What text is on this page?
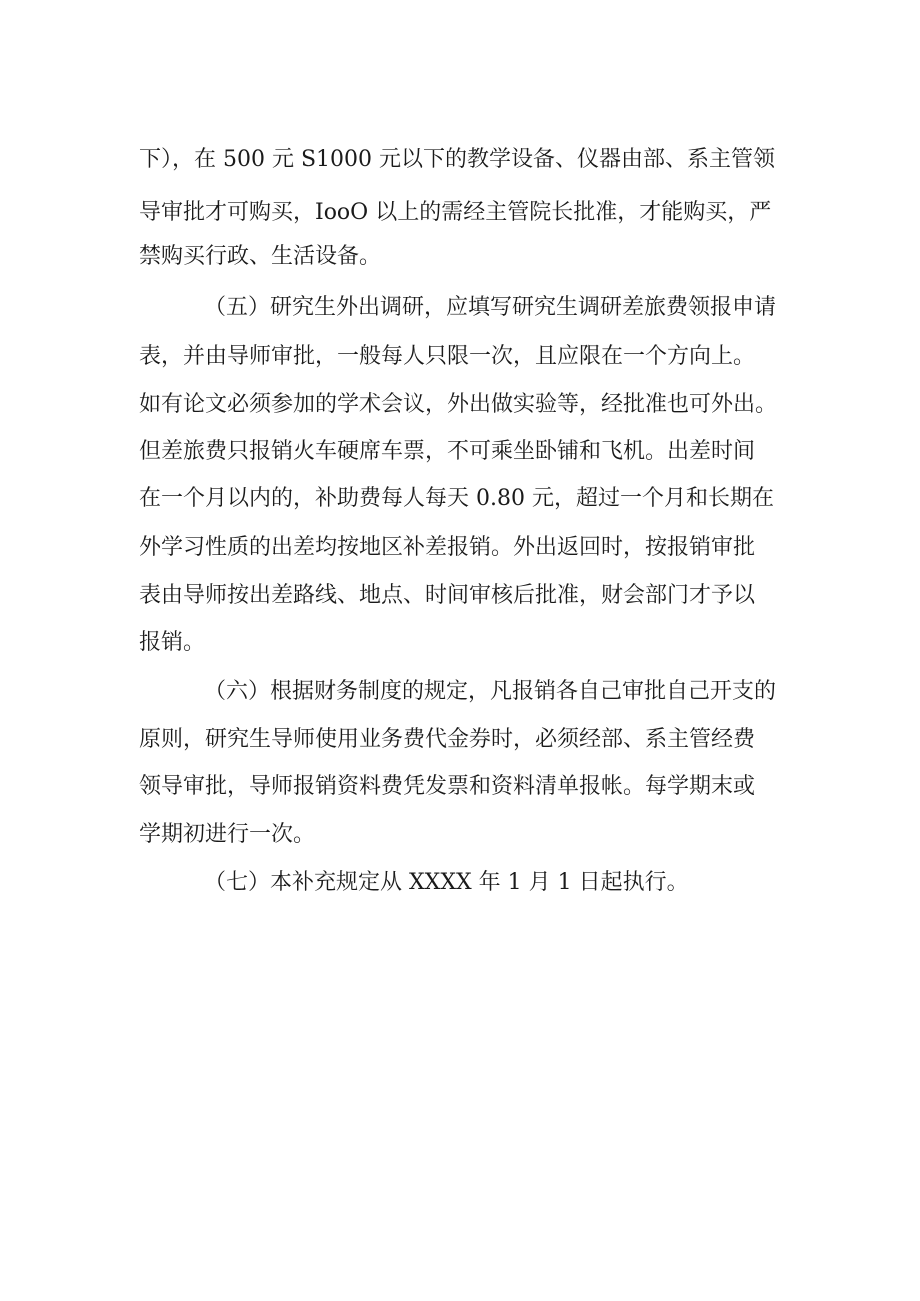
下），在 500 元 S1000 元以下的教学设备、仪器由部、系主管领
导审批才可购买，IooO 以上的需经主管院长批准，才能购买，严
禁购买行政、生活设备。
（五）研究生外出调研，应填写研究生调研差旅费领报申请
表，并由导师审批，一般每人只限一次，且应限在一个方向上。
如有论文必须参加的学术会议，外出做实验等，经批准也可外出。
但差旅费只报销火车硬席车票，不可乘坐卧铺和飞机。出差时间
在一个月以内的，补助费每人每天 0.80 元，超过一个月和长期在
外学习性质的出差均按地区补差报销。外出返回时，按报销审批
表由导师按出差路线、地点、时间审核后批准，财会部门才予以
报销。
（六）根据财务制度的规定，凡报销各自己审批自己开支的
原则，研究生导师使用业务费代金券时，必须经部、系主管经费
领导审批，导师报销资料费凭发票和资料清单报帐。每学期末或
学期初进行一次。
（七）本补充规定从 XXXX 年 1 月 1 日起执行。
